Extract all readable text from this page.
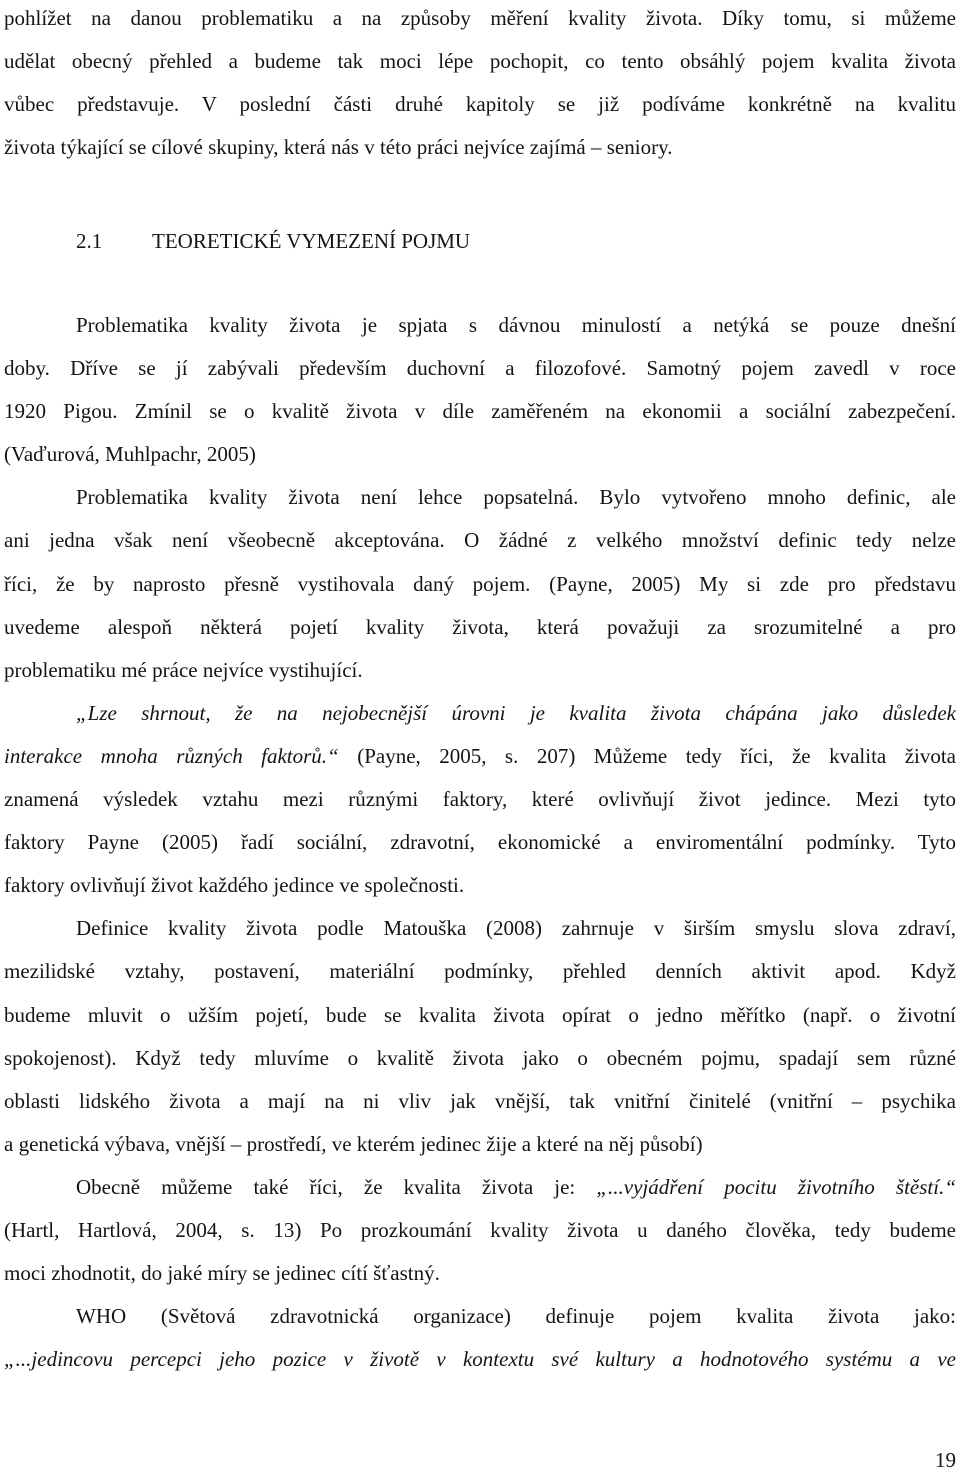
pohlížet na danou problematiku a na způsoby měření kvality života. Díky tomu, si můžeme
udělat obecný přehled a budeme tak moci lépe pochopit, co tento obsáhlý pojem kvalita života
vůbec představuje. V poslední části druhé kapitoly se již podíváme konkrétně na kvalitu
života týkající se cílové skupiny, která nás v této práci nejvíce zajímá – seniory.
2.1 TEORETICKÉ VYMEZENÍ POJMU
Problematika kvality života je spjata s dávnou minulostí a netýká se pouze dnešní
doby. Dříve se jí zabývali především duchovní a filozofové. Samotný pojem zavedl v roce
1920 Pigou. Zmínil se o kvalitě života v díle zaměřeném na ekonomii a sociální zabezpečení.
(Vaďurová, Muhlpachr, 2005)
Problematika kvality života není lehce popsatelná. Bylo vytvořeno mnoho definic, ale
ani jedna však není všeobecně akceptována. O žádné z velkého množství definic tedy nelze
říci, že by naprosto přesně vystihovala daný pojem. (Payne, 2005) My si zde pro představu
uvedeme alespoň některá pojetí kvality života, která považuji za srozumitelné a pro
problematiku mé práce nejvíce vystihující.
„Lze shrnout, že na nejobecnější úrovni je kvalita života chápána jako důsledek
interakce mnoha různých faktorů.“ (Payne, 2005, s. 207) Můžeme tedy říci, že kvalita života
znamená výsledek vztahu mezi různými faktory, které ovlivňují život jedince. Mezi tyto
faktory Payne (2005) řadí sociální, zdravotní, ekonomické a enviromentální podmínky. Tyto
faktory ovlivňují život každého jedince ve společnosti.
Definice kvality života podle Matouška (2008) zahrnuje v širším smyslu slova zdraví,
mezilidské vztahy, postavení, materiální podmínky, přehled denních aktivit apod. Když
budeme mluvit o užším pojetí, bude se kvalita života opírat o jedno měřítko (např. o životní
spokojenost). Když tedy mluvíme o kvalitě života jako o obecném pojmu, spadají sem různé
oblasti lidského života a mají na ni vliv jak vnější, tak vnitřní činitelé (vnitřní – psychika
a genetická výbava, vnější – prostředí, ve kterém jedinec žije a které na něj působí)
Obecně můžeme také říci, že kvalita života je: „...vyjádření pocitu životního štěstí.“
(Hartl, Hartlová, 2004, s. 13) Po prozkoumání kvality života u daného člověka, tedy budeme
moci zhodnotit, do jaké míry se jedinec cítí šťastný.
WHO (Světová zdravotnická organizace) definuje pojem kvalita života jako:
„...jedincovu percepci jeho pozice v životě v kontextu své kultury a hodnotového systému a ve
19
